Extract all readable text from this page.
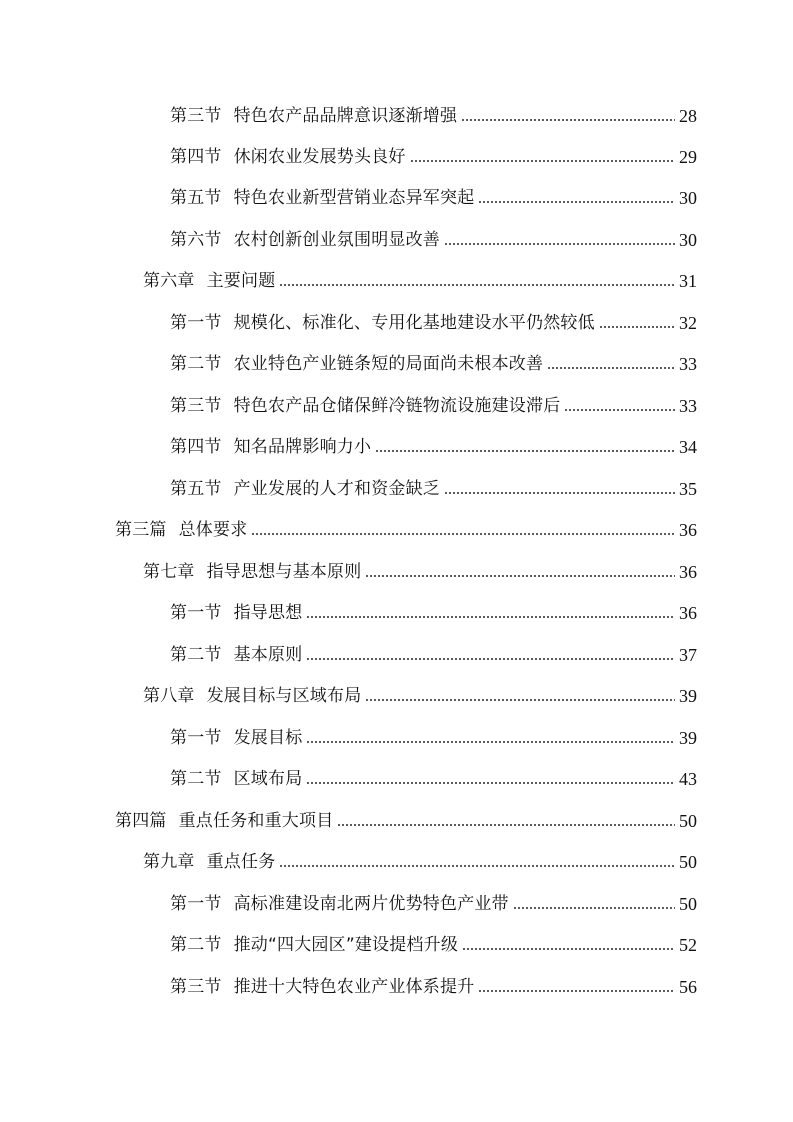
第三节 特色农产品品牌意识逐渐增强	28
第四节 休闲农业发展势头良好	29
第五节 特色农业新型营销业态异军突起	30
第六节 农村创新创业氛围明显改善	30
第六章 主要问题	31
第一节 规模化、标准化、专用化基地建设水平仍然较低	32
第二节 农业特色产业链条短的局面尚未根本改善	33
第三节 特色农产品仓储保鲜冷链物流设施建设滞后	33
第四节 知名品牌影响力小	34
第五节 产业发展的人才和资金缺乏	35
第三篇 总体要求	36
第七章 指导思想与基本原则	36
第一节 指导思想	36
第二节 基本原则	37
第八章 发展目标与区域布局	39
第一节 发展目标	39
第二节 区域布局	43
第四篇 重点任务和重大项目	50
第九章 重点任务	50
第一节 高标准建设南北两片优势特色产业带	50
第二节 推动“四大园区”建设提档升级	52
第三节 推进十大特色农业产业体系提升	56
